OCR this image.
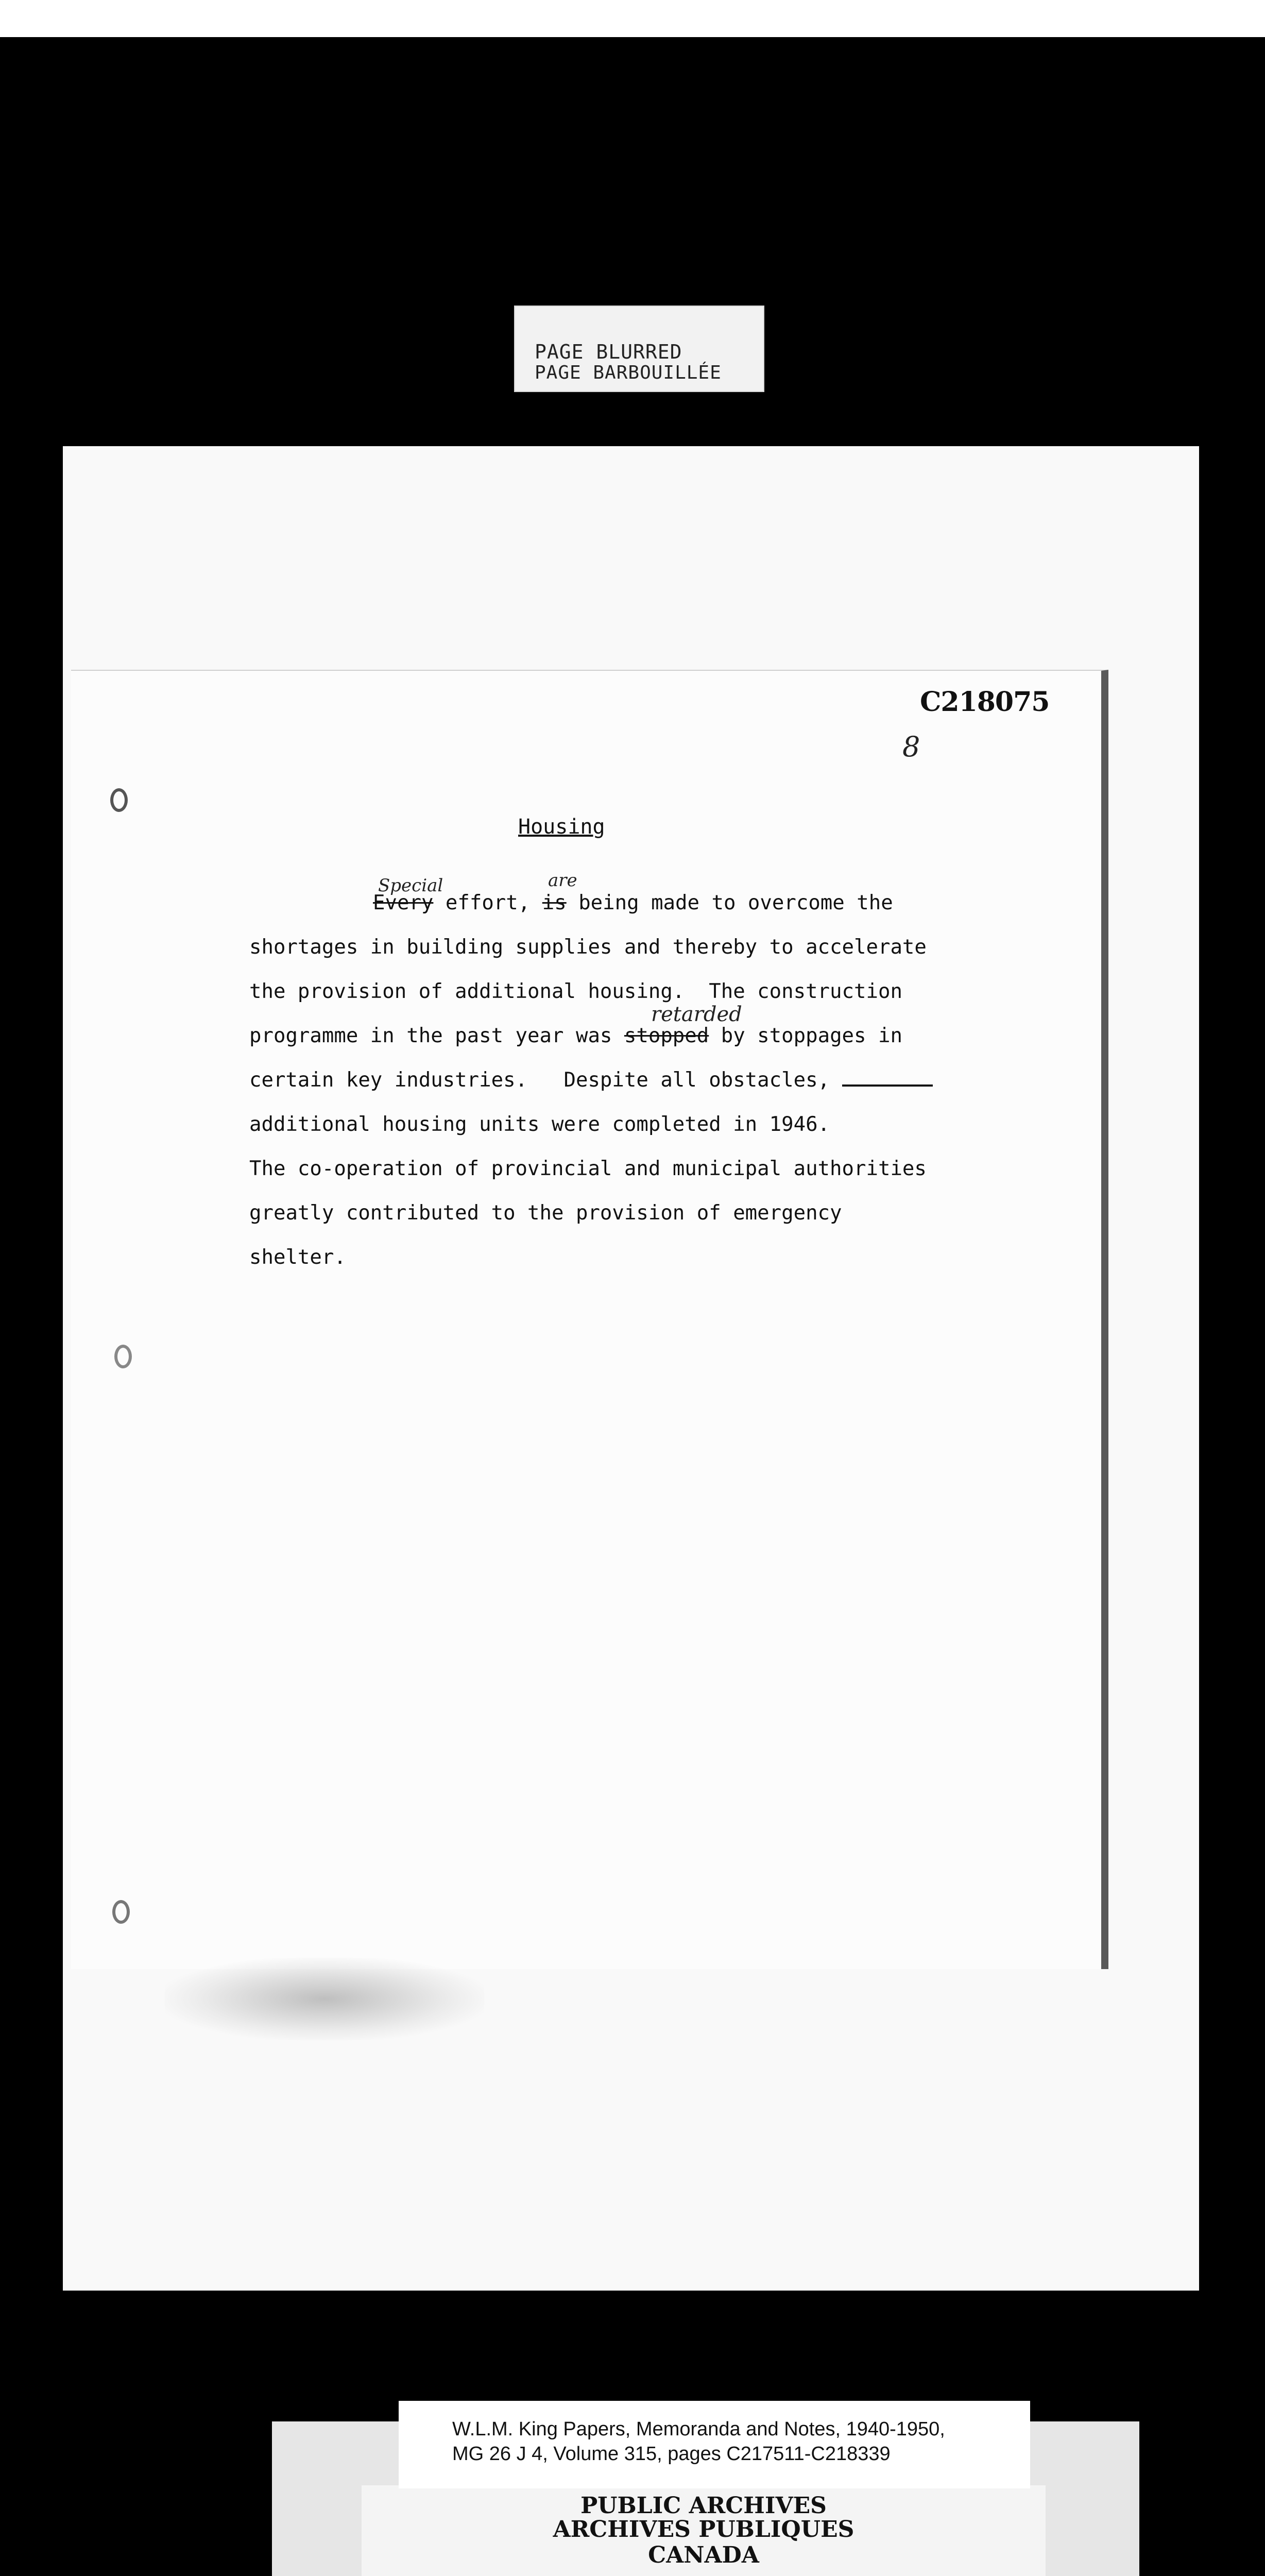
PAGE BLURRED
PAGE BARBOUILLÉE
C218075
8
Housing
Every effort, is being made to overcome the
Special	are
shortages in building supplies and thereby to accelerate
the provision of additional housing.  The construction
programme in the past year was stopped by stoppages in
retarded
certain key industries.   Despite all obstacles,
additional housing units were completed in 1946.
The co-operation of provincial and municipal authorities
greatly contributed to the provision of emergency
shelter.
PUBLIC ARCHIVES
ARCHIVES PUBLIQUES
CANADA
W.L.M. King Papers, Memoranda and Notes, 1940-1950,
MG 26 J 4, Volume 315, pages C217511-C218339
